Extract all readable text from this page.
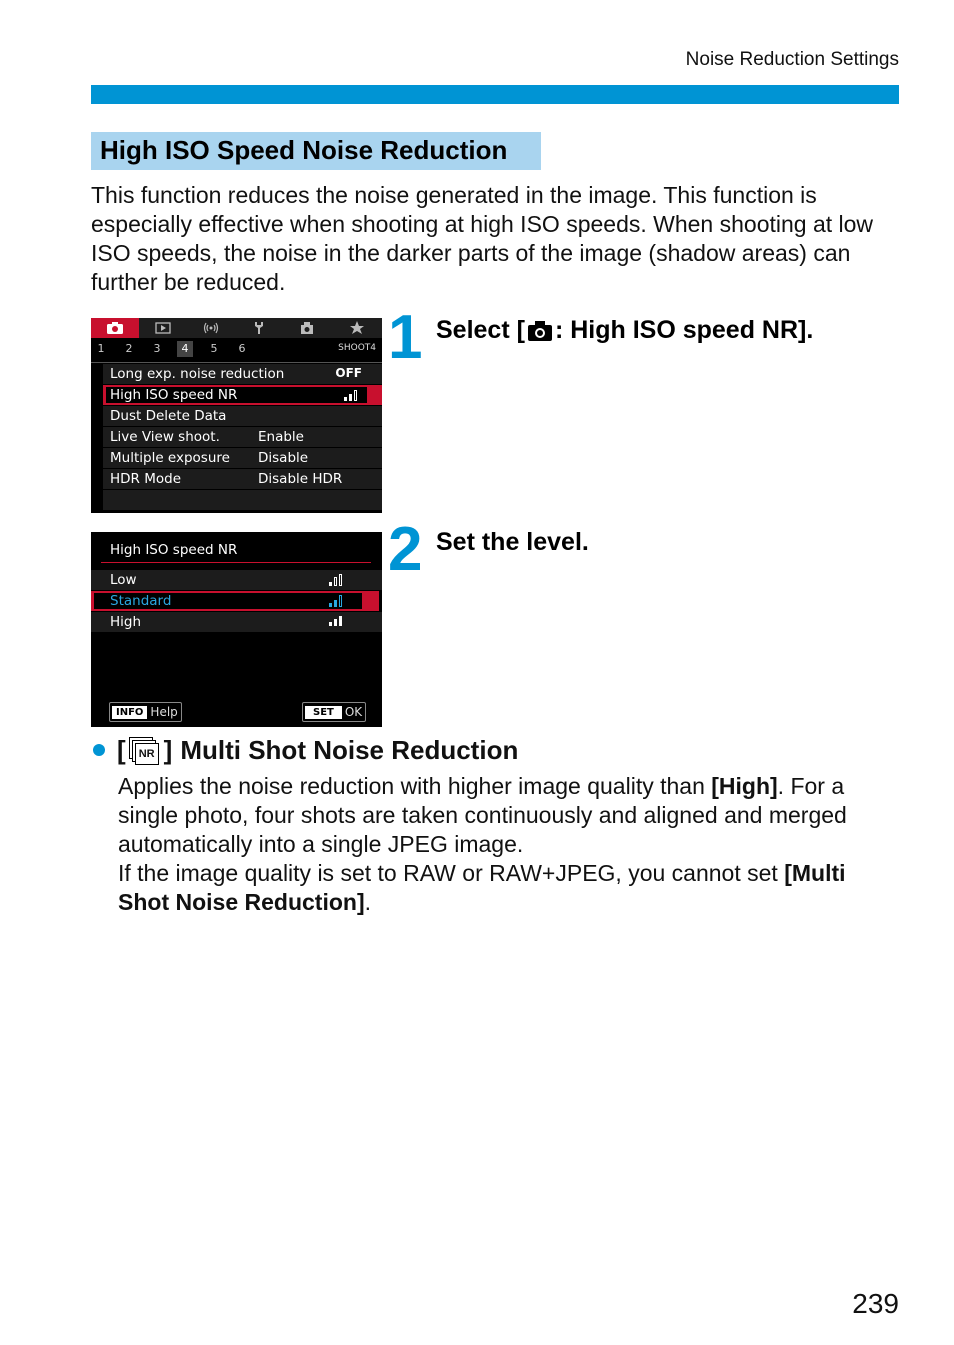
Noise Reduction Settings
High ISO Speed Noise Reduction

This function reduces the noise generated in the image. This function is especially effective when shooting at high ISO speeds. When shooting at low ISO speeds, the noise in the darker parts of the image (shadow areas) can further be reduced.

1	2	3	4	5	6	SHOOT4
Long exp. noise reduction	OFF
High ISO speed NR
Dust Delete Data
Live View shoot.	Enable
Multiple exposure Disable
HDR Mode	Disable HDR
1 Select [ : High ISO speed NR].
High ISO speed NR
Low
Standard
High
INFO Help	SET OK
2 Set the level.
[	NR ] Multi Shot Noise Reduction

Applies the noise reduction with higher image quality than [High]. For a single photo, four shots are taken continuously and aligned and merged automatically into a single JPEG image.

If the image quality is set to RAW or RAW+JPEG, you cannot set [Multi Shot Noise Reduction].

239
